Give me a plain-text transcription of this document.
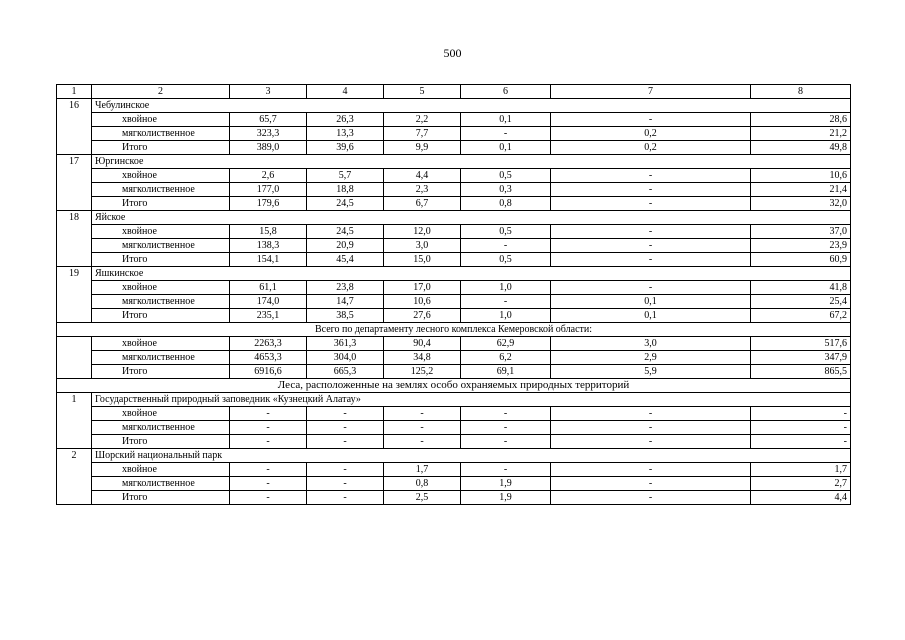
500
1	2	3	4	5	6	7	8
16	Чебулинское						
	хвойное	65,7	26,3	2,2	0,1	-	28,6
	мягколиственное	323,3	13,3	7,7	-	0,2	21,2
	Итого	389,0	39,6	9,9	0,1	0,2	49,8
17	Юргинское						
	хвойное	2,6	5,7	4,4	0,5	-	10,6
	мягколиственное	177,0	18,8	2,3	0,3	-	21,4
	Итого	179,6	24,5	6,7	0,8	-	32,0
18	Яйское						
	хвойное	15,8	24,5	12,0	0,5	-	37,0
	мягколиственное	138,3	20,9	3,0	-	-	23,9
	Итого	154,1	45,4	15,0	0,5	-	60,9
19	Яшкинское						
	хвойное	61,1	23,8	17,0	1,0	-	41,8
	мягколиственное	174,0	14,7	10,6	-	0,1	25,4
	Итого	235,1	38,5	27,6	1,0	0,1	67,2
Всего по департаменту лесного комплекса Кемеровской области:							
	хвойное	2263,3	361,3	90,4	62,9	3,0	517,6
	мягколиственное	4653,3	304,0	34,8	6,2	2,9	347,9
	Итого	6916,6	665,3	125,2	69,1	5,9	865,5
Леса, расположенные на землях особо охраняемых природных территорий							
1	Государственный природный заповедник «Кузнецкий Алатау»						
	хвойное	-	-	-	-	-	-
	мягколиственное	-	-	-	-	-	-
	Итого	-	-	-	-	-	-
2	Шорский национальный парк						
	хвойное	-	-	1,7	-	-	1,7
	мягколиственное	-	-	0,8	1,9	-	2,7
	Итого	-	-	2,5	1,9	-	4,4
